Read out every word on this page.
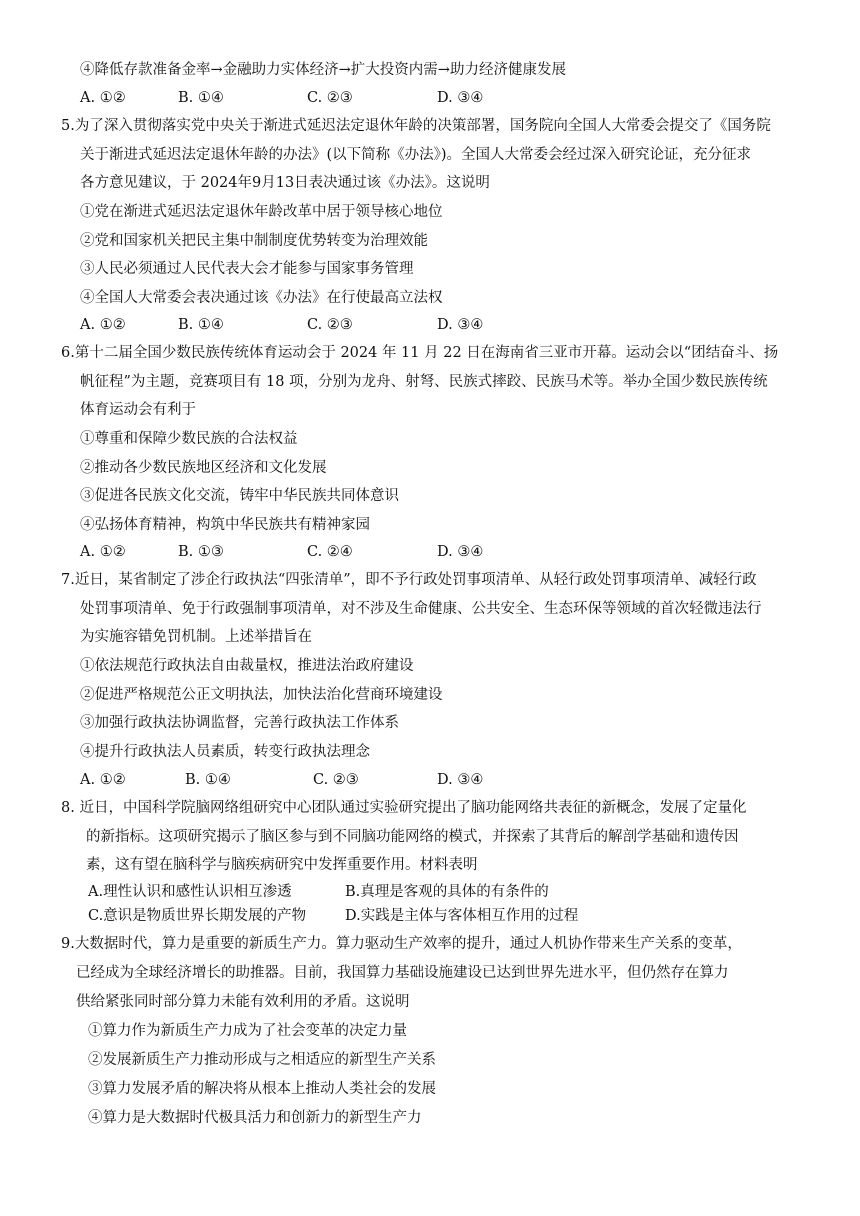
④降低存款准备金率→金融助力实体经济→扩大投资内需→助力经济健康发展
A. ①②	B. ①④	C. ②③	D. ③④
5.为了深入贯彻落实党中央关于渐进式延迟法定退休年龄的决策部署，国务院向全国人大常委会提交了《国务院
关于渐进式延迟法定退休年龄的办法》(以下简称《办法》)。全国人大常委会经过深入研究论证，充分征求
各方意见建议，于 2024年9月13日表决通过该《办法》。这说明
①党在渐进式延迟法定退休年龄改革中居于领导核心地位
②党和国家机关把民主集中制制度优势转变为治理效能
③人民必须通过人民代表大会才能参与国家事务管理
④全国人大常委会表决通过该《办法》在行使最高立法权
A. ①②	B. ①④	C. ②③	D. ③④
6.第十二届全国少数民族传统体育运动会于 2024 年 11 月 22 日在海南省三亚市开幕。运动会以“团结奋斗、扬
帆征程”为主题，竞赛项目有 18 项，分别为龙舟、射弩、民族式摔跤、民族马术等。举办全国少数民族传统
体育运动会有利于
①尊重和保障少数民族的合法权益
②推动各少数民族地区经济和文化发展
③促进各民族文化交流，铸牢中华民族共同体意识
④弘扬体育精神，构筑中华民族共有精神家园
A. ①②	B. ①③	C. ②④	D. ③④
7.近日，某省制定了涉企行政执法“四张清单”，即不予行政处罚事项清单、从轻行政处罚事项清单、减轻行政
处罚事项清单、免于行政强制事项清单，对不涉及生命健康、公共安全、生态环保等领域的首次轻微违法行
为实施容错免罚机制。上述举措旨在
①依法规范行政执法自由裁量权，推进法治政府建设
②促进严格规范公正文明执法，加快法治化营商环境建设
③加强行政执法协调监督，完善行政执法工作体系
④提升行政执法人员素质，转变行政执法理念
A. ①②	B. ①④	C. ②③	D. ③④
8. 近日，中国科学院脑网络组研究中心团队通过实验研究提出了脑功能网络共表征的新概念，发展了定量化
的新指标。这项研究揭示了脑区参与到不同脑功能网络的模式，并探索了其背后的解剖学基础和遗传因
素，这有望在脑科学与脑疾病研究中发挥重要作用。材料表明
A.理性认识和感性认识相互渗透	B.真理是客观的具体的有条件的
C.意识是物质世界长期发展的产物	D.实践是主体与客体相互作用的过程
9.大数据时代，算力是重要的新质生产力。算力驱动生产效率的提升，通过人机协作带来生产关系的变革，
已经成为全球经济增长的助推器。目前，我国算力基础设施建设已达到世界先进水平，但仍然存在算力
供给紧张同时部分算力未能有效利用的矛盾。这说明
①算力作为新质生产力成为了社会变革的决定力量
②发展新质生产力推动形成与之相适应的新型生产关系
③算力发展矛盾的解决将从根本上推动人类社会的发展
④算力是大数据时代极具活力和创新力的新型生产力
